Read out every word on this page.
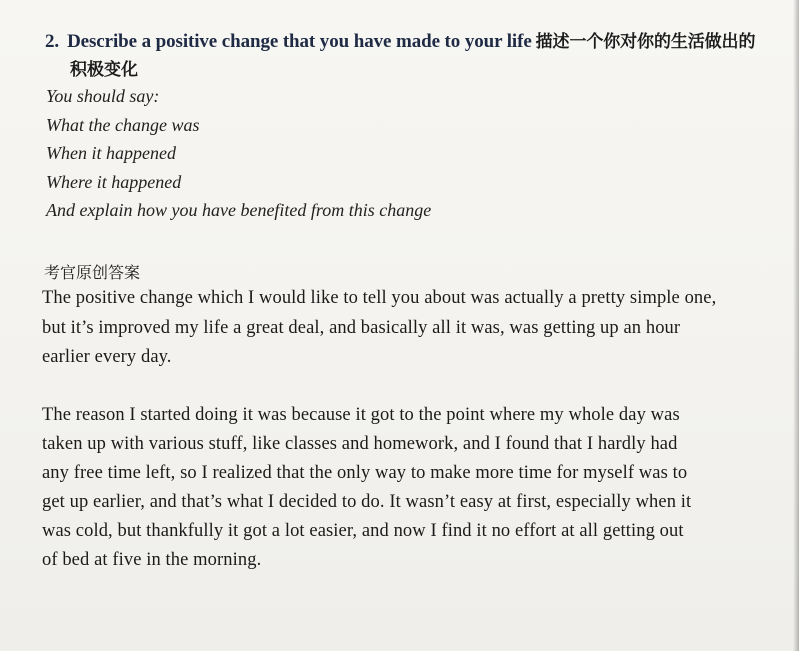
2. Describe a positive change that you have made to your life 描述一个你对你的生活做出的
积极变化
You should say:
What the change was
When it happened
Where it happened
And explain how you have benefited from this change
考官原创答案
The positive change which I would like to tell you about was actually a pretty simple one,
but it’s improved my life a great deal, and basically all it was, was getting up an hour
earlier every day.
The reason I started doing it was because it got to the point where my whole day was
taken up with various stuff, like classes and homework, and I found that I hardly had
any free time left, so I realized that the only way to make more time for myself was to
get up earlier, and that’s what I decided to do. It wasn’t easy at first, especially when it
was cold, but thankfully it got a lot easier, and now I find it no effort at all getting out
of bed at five in the morning.
